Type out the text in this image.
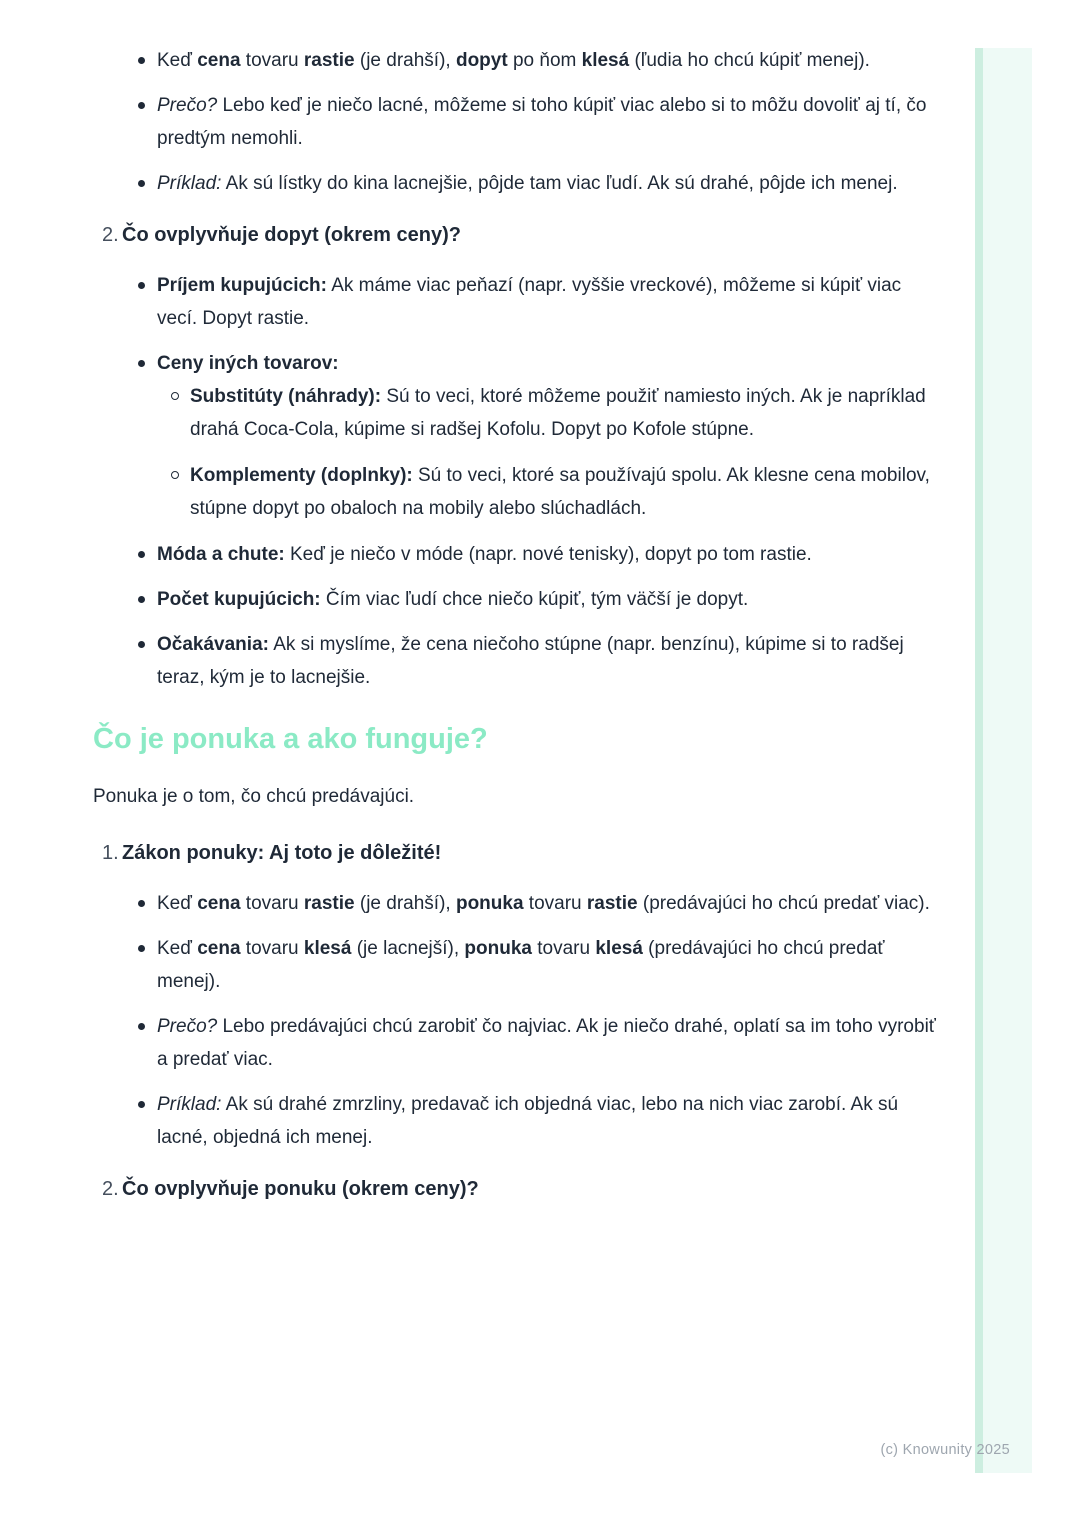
Keď cena tovaru rastie (je drahší), dopyt po ňom klesá (ľudia ho chcú kúpiť menej).

Prečo? Lebo keď je niečo lacné, môžeme si toho kúpiť viac alebo si to môžu dovoliť aj tí, čo predtým nemohli.

Príklad: Ak sú lístky do kina lacnejšie, pôjde tam viac ľudí. Ak sú drahé, pôjde ich menej.

2. Čo ovplyvňuje dopyt (okrem ceny)?

Príjem kupujúcich: Ak máme viac peňazí (napr. vyššie vreckové), môžeme si kúpiť viac vecí. Dopyt rastie.

Ceny iných tovarov:

Substitúty (náhrady): Sú to veci, ktoré môžeme použiť namiesto iných. Ak je napríklad drahá Coca-Cola, kúpime si radšej Kofolu. Dopyt po Kofole stúpne.

Komplementy (doplnky): Sú to veci, ktoré sa používajú spolu. Ak klesne cena mobilov, stúpne dopyt po obaloch na mobily alebo slúchadlách.

Móda a chute: Keď je niečo v móde (napr. nové tenisky), dopyt po tom rastie.

Počet kupujúcich: Čím viac ľudí chce niečo kúpiť, tým väčší je dopyt.

Očakávania: Ak si myslíme, že cena niečoho stúpne (napr. benzínu), kúpime si to radšej teraz, kým je to lacnejšie.

Čo je ponuka a ako funguje?

Ponuka je o tom, čo chcú predávajúci.

1. Zákon ponuky: Aj toto je dôležité!

Keď cena tovaru rastie (je drahší), ponuka tovaru rastie (predávajúci ho chcú predať viac).

Keď cena tovaru klesá (je lacnejší), ponuka tovaru klesá (predávajúci ho chcú predať menej).

Prečo? Lebo predávajúci chcú zarobiť čo najviac. Ak je niečo drahé, oplatí sa im toho vyrobiť a predať viac.

Príklad: Ak sú drahé zmrzliny, predavač ich objedná viac, lebo na nich viac zarobí. Ak sú lacné, objedná ich menej.

2. Čo ovplyvňuje ponuku (okrem ceny)?
(c) Knowunity 2025
